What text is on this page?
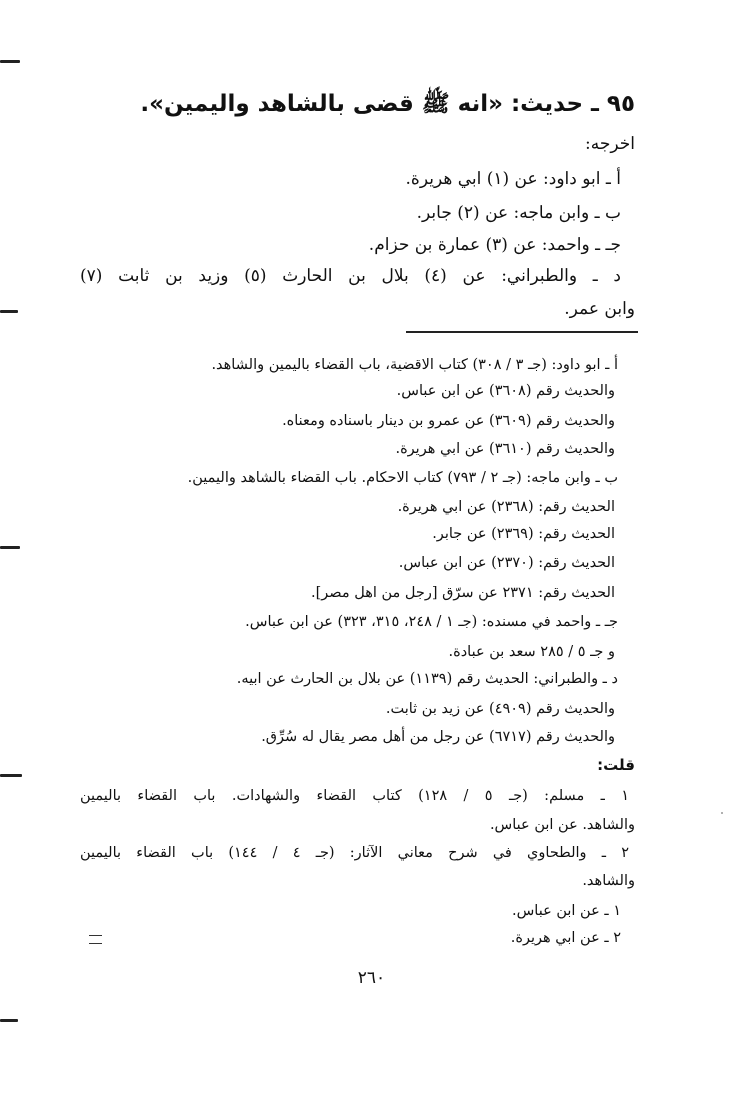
٩٥ ـ حديث: «انه ﷺ قضى بالشاهد واليمين».
اخرجه:
أ ـ ابو داود: عن (١) ابي هريرة.
ب ـ وابن ماجه: عن (٢) جابر.
جـ ـ واحمد: عن (٣) عمارة بن حزام.
د ـ والطبراني: عن (٤) بلال بن الحارث (٥) وزيد بن ثابت (٧)
وابن عمر.
أ ـ ابو داود: (جـ ٣ / ٣٠٨) كتاب الاقضية، باب القضاء باليمين والشاهد.
والحديث رقم (٣٦٠٨) عن ابن عباس.
والحديث رقم (٣٦٠٩) عن عمرو بن دينار باسناده ومعناه.
والحديث رقم (٣٦١٠) عن ابي هريرة.
ب ـ وابن ماجه: (جـ ٢ / ٧٩٣) كتاب الاحكام. باب القضاء بالشاهد واليمين.
الحديث رقم: (٢٣٦٨) عن ابي هريرة.
الحديث رقم: (٢٣٦٩) عن جابر.
الحديث رقم: (٢٣٧٠) عن ابن عباس.
الحديث رقم: ٢٣٧١ عن سرّق [رجل من اهل مصر].
جـ ـ واحمد في مسنده: (جـ ١ / ٢٤٨، ٣١٥، ٣٢٣) عن ابن عباس.
و جـ ٥ / ٢٨٥ سعد بن عبادة.
د ـ والطبراني: الحديث رقم (١١٣٩) عن بلال بن الحارث عن ابيه.
والحديث رقم (٤٩٠٩) عن زيد بن ثابت.
والحديث رقم (٦٧١٧) عن رجل من أهل مصر يقال له سُرِّق.
قلت:
١ ـ مسلم: (جـ ٥ / ١٢٨) كتاب القضاء والشهادات. باب القضاء باليمين
والشاهد. عن ابن عباس.
٢ ـ والطحاوي في شرح معاني الآثار: (جـ ٤ / ١٤٤) باب القضاء باليمين
والشاهد.
١ ـ عن ابن عباس.
٢ ـ عن ابي هريرة.
٢٦٠
